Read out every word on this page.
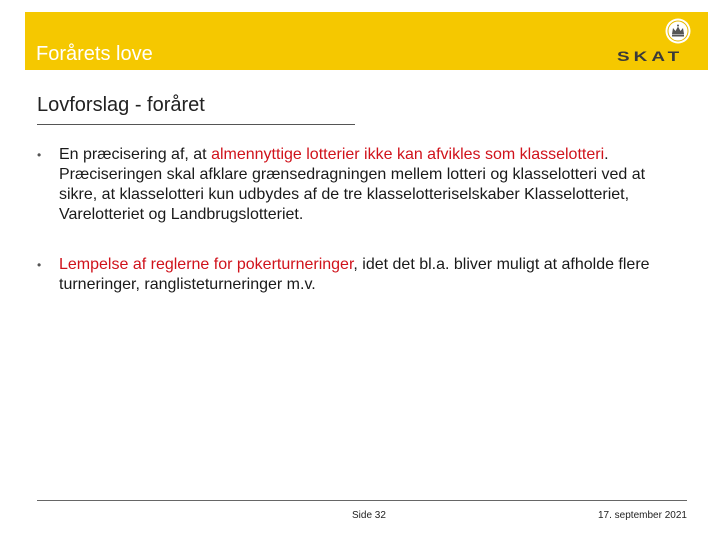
Forårets love	SKAT
Lovforslag - foråret
• En præcisering af, at almennyttige lotterier ikke kan afvikles som klasselotteri. Præciseringen skal afklare grænsedragningen mellem lotteri og klasselotteri ved at sikre, at klasselotteri kun udbydes af de tre klasselotteriselskaber Klasselotteriet, Varelotteriet og Landbrugslotteriet.
• Lempelse af reglerne for pokerturneringer, idet det bl.a. bliver muligt at afholde flere turneringer, ranglisteturneringer m.v.
Side 32	17. september 2021
